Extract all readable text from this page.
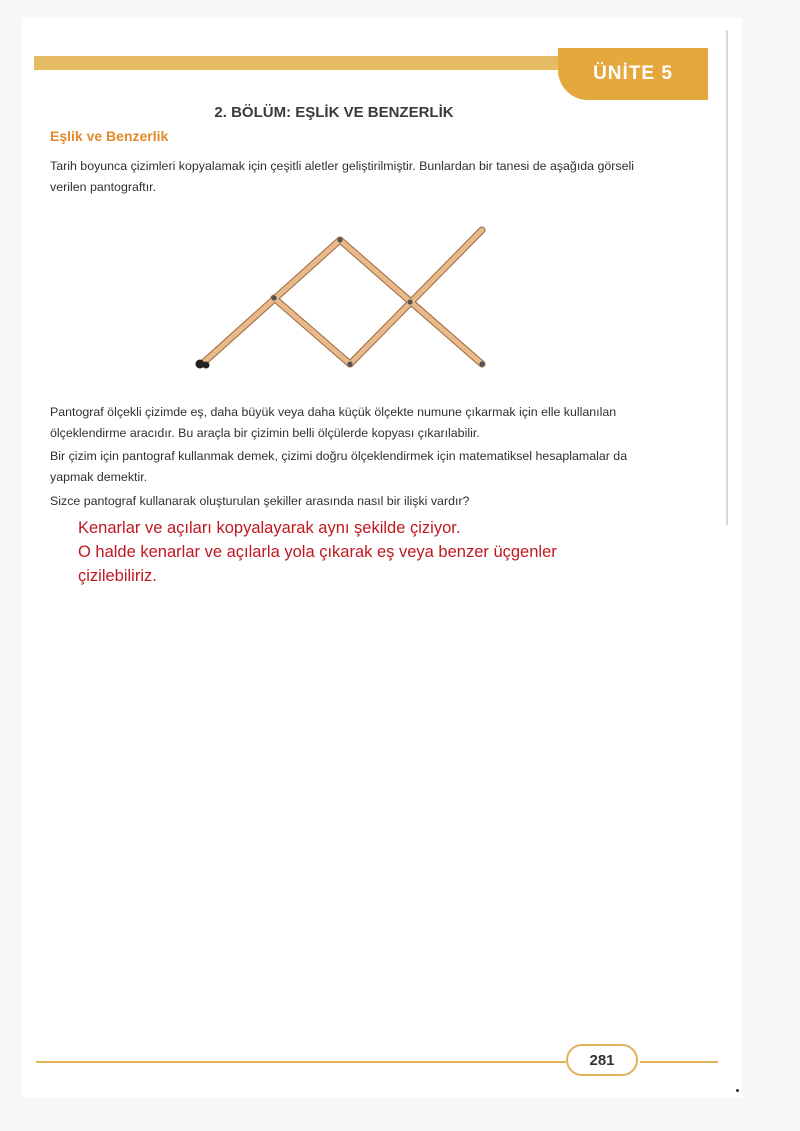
ÜNİTE 5
2. BÖLÜM: EŞLİK VE BENZERLİK
Eşlik ve Benzerlik
Tarih boyunca çizimleri kopyalamak için çeşitli aletler geliştirilmiştir. Bunlardan bir tanesi de aşağıda görseli verilen pantograftır.
Pantograf ölçekli çizimde eş, daha büyük veya daha küçük ölçekte numune çıkarmak için elle kullanılan ölçeklendirme aracıdır. Bu araçla bir çizimin belli ölçülerde kopyası çıkarılabilir.
Bir çizim için pantograf kullanmak demek, çizimi doğru ölçeklendirmek için matematiksel hesaplamalar da yapmak demektir.
Sizce pantograf kullanarak oluşturulan şekiller arasında nasıl bir ilişki vardır?
Kenarlar ve açıları kopyalayarak aynı şekilde çiziyor.
O halde kenarlar ve açılarla yola çıkarak eş veya benzer üçgenler
çizilebiliriz.
281
